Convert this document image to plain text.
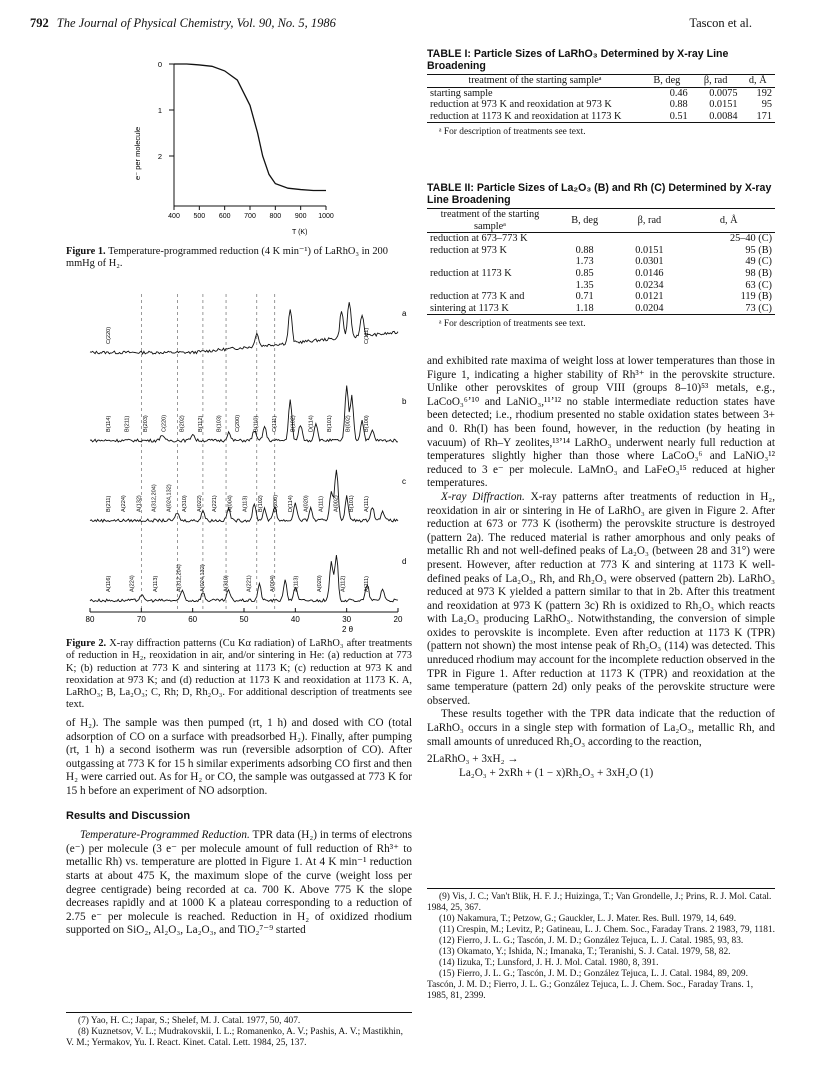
792 The Journal of Physical Chemistry, Vol. 90, No. 5, 1986	Tascon et al.
0
1
2
400 500 600 700 800 900 1000
e⁻ per molecule
T (K)
Figure 1. Temperature-programmed reduction (4 K min⁻¹) of LaRhO₃ in 200 mmHg of H₂.
a
b
c
d
C(220)	C(111)
B(114) B(211) B(203) C(220) B(202) B(112) B(103) C(200) B(110) C(111) B(102) D(114) B(101) B(002) B(100)
B(211) A(224) A(132) A(312,204) A(024,132) A(310) A(022) A(221) A(004) A(113) B(102) D(200) D(114) A(020) A(111) A(002) B(101) A(111)
A(116)	A(224)	A(113)	A(312,204)	A(024,132)	A(310)	A(221)	A(004)	A(113)	A(020)	A(112)	A(111)
80	70	60	50	40	30	20
2 θ
Figure 2. X-ray diffraction patterns (Cu Kα radiation) of LaRhO₃ after treatments of reduction in H₂, reoxidation in air, and/or sintering in He: (a) reduction at 773 K; (b) reduction at 773 K and sintering at 1173 K; (c) reduction at 973 K and reoxidation at 973 K; and (d) reduction at 1173 K and reoxidation at 1173 K. A, LaRhO₃; B, La₂O₃; C, Rh; D, Rh₂O₃. For additional description of treatments see text.

of H₂). The sample was then pumped (rt, 1 h) and dosed with CO (total adsorption of CO on a surface with preadsorbed H₂). Finally, after pumping (rt, 1 h) a second isotherm was run (reversible adsorption of CO). After outgassing at 773 K for 15 h similar experiments adsorbing CO first and then H₂ were carried out. As for H₂ or CO, the sample was outgassed at 773 K for 15 h before an experiment of NO adsorption.

Results and Discussion

Temperature-Programmed Reduction. TPR data (H₂) in terms of electrons (e⁻) per molecule (3 e⁻ per molecule amount of full reduction of Rh³⁺ to metallic Rh) vs. temperature are plotted in Figure 1. At 4 K min⁻¹ reduction starts at about 475 K, the maximum slope of the curve (weight loss per degree centigrade) being recorded at ca. 700 K. Above 775 K the slope decreases rapidly and at 1000 K a plateau corresponding to a reduction of 2.75 e⁻ per molecule is reached. Reduction in H₂ of oxidized rhodium supported on SiO₂, Al₂O₃, La₂O₃, and TiO₂⁷⁻⁹ started

(7) Yao, H. C.; Japar, S.; Shelef, M. J. Catal. 1977, 50, 407.

(8) Kuznetsov, V. L.; Mudrakovskii, I. L.; Romanenko, A. V.; Pashis, A. V.; Mastikhin, V. M.; Yermakov, Yu. I. React. Kinet. Catal. Lett. 1984, 25, 137.

TABLE I: Particle Sizes of LaRhO₃ Determined by X-ray Line Broadening
treatment of the starting sampleᵃ	B, deg	β, rad	d, Å
starting sample	0.46	0.0075	192
reduction at 973 K and reoxidation at 973 K	0.88	0.0151	95
reduction at 1173 K and reoxidation at 1173 K	0.51	0.0084	171
ᵃ For description of treatments see text.
TABLE II: Particle Sizes of La₂O₃ (B) and Rh (C) Determined by X-ray Line Broadening
treatment of the starting sampleᵃ	B, deg	β, rad	d, Å
reduction at 673–773 K			25–40 (C)
reduction at 973 K	0.88	0.0151	95 (B)
	1.73	0.0301	49 (C)
reduction at 1173 K	0.85	0.0146	98 (B)
	1.35	0.0234	63 (C)
reduction at 773 K and	0.71	0.0121	119 (B)
sintering at 1173 K	1.18	0.0204	73 (C)
ᵃ For description of treatments see text.

and exhibited rate maxima of weight loss at lower temperatures than those in Figure 1, indicating a higher stability of Rh³⁺ in the perovskite structure. Unlike other perovskites of group VIII (groups 8–10)⁵³ metals, e.g., LaCoO₃⁶ʼ¹⁰ and LaNiO₃,¹¹ʼ¹² no stable intermediate reduction states have been detected; i.e., rhodium presented no stable oxidation states between 3+ and 0. Rh(I) has been found, however, in the reduction (by heating in vacuum) of Rh–Y zeolites,¹³ʼ¹⁴ LaRhO₃ underwent nearly full reduction at temperatures slightly higher than those where LaCoO₃⁶ and LaNiO₃¹² reduced to 3 e⁻ per molecule. LaMnO₃ and LaFeO₃¹⁵ reduced at higher temperatures.

X-ray Diffraction. X-ray patterns after treatments of reduction in H₂, reoxidation in air or sintering in He of LaRhO₃ are given in Figure 2. After reduction at 673 or 773 K (isotherm) the perovskite structure is destroyed (pattern 2a). The reduced material is rather amorphous and only peaks of metallic Rh and not well-defined peaks of La₂O₃ (between 28 and 31°) were present. However, after reduction at 773 K and sintering at 1173 K well-defined peaks of La₂O₃, Rh, and Rh₂O₃ were observed (pattern 2b). LaRhO₃ reduced at 973 K yielded a pattern similar to that in 2b. After this treatment and reoxidation at 973 K (pattern 3c) Rh is oxidized to Rh₂O₃ which reacts with La₂O₃ producing LaRhO₃. Notwithstanding, the conversion of simple oxides to perovskite is incomplete. Even after reduction at 1173 K (TPR) (pattern not shown) the most intense peak of Rh₂O₃ (114) was detected. This unreduced rhodium may account for the incomplete reduction observed in the TPR in Figure 1. After reduction at 1173 K (TPR) and reoxidation at the same temperature (pattern 2d) only peaks of the perovskite structure were observed.

These results together with the TPR data indicate that the reduction of LaRhO₃ occurs in a single step with formation of La₂O₃, metallic Rh, and small amounts of unreduced Rh₂O₃ according to the reaction,

2LaRhO₃ + 3xH₂ →

La₂O₃ + 2xRh + (1 − x)Rh₂O₃ + 3xH₂O (1)

(9) Vis, J. C.; Van't Blik, H. F. J.; Huizinga, T.; Van Grondelle, J.; Prins, R. J. Mol. Catal. 1984, 25, 367.

(10) Nakamura, T.; Petzow, G.; Gauckler, L. J. Mater. Res. Bull. 1979, 14, 649.

(11) Crespin, M.; Levitz, P.; Gatineau, L. J. Chem. Soc., Faraday Trans. 2 1983, 79, 1181.

(12) Fierro, J. L. G.; Tascón, J. M. D.; González Tejuca, L. J. Catal. 1985, 93, 83.

(13) Okamato, Y.; Ishida, N.; Imanaka, T.; Teranishi, S. J. Catal. 1979, 58, 82.

(14) Iizuka, T.; Lunsford, J. H. J. Mol. Catal. 1980, 8, 391.

(15) Fierro, J. L. G.; Tascón, J. M. D.; González Tejuca, L. J. Catal. 1984, 89, 209. Tascón, J. M. D.; Fierro, J. L. G.; González Tejuca, L. J. Chem. Soc., Faraday Trans. 1, 1985, 81, 2399.
